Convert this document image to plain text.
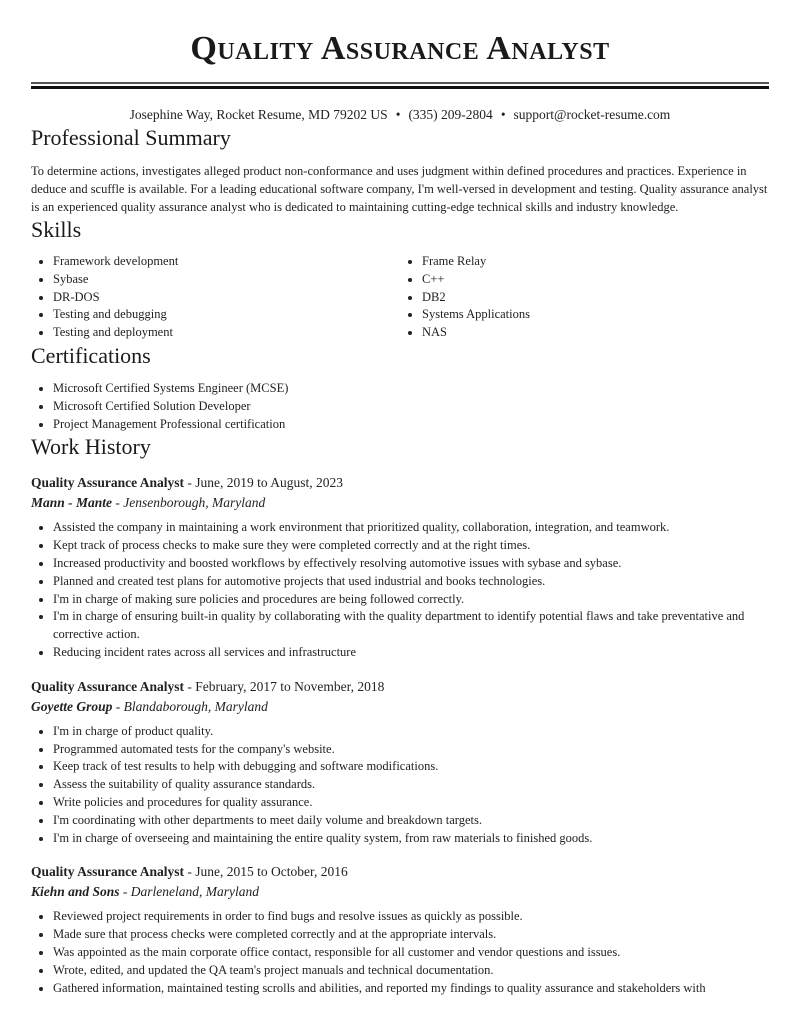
Quality Assurance Analyst
Josephine Way, Rocket Resume, MD 79202 US • (335) 209-2804 • support@rocket-resume.com
Professional Summary

To determine actions, investigates alleged product non-conformance and uses judgment within defined procedures and practices. Experience in deduce and scuffle is available. For a leading educational software company, I'm well-versed in development and testing. Quality assurance analyst is an experienced quality assurance analyst who is dedicated to maintaining cutting-edge technical skills and industry knowledge.

Skills
• Framework development
• Sybase
• DR-DOS
• Testing and debugging
• Testing and deployment
• Frame Relay
• C++
• DB2
• Systems Applications
• NAS
Certifications
• Microsoft Certified Systems Engineer (MCSE)
• Microsoft Certified Solution Developer
• Project Management Professional certification
Work History
Quality Assurance Analyst - June, 2019 to August, 2023
Mann - Mante - Jensenborough, Maryland
• Assisted the company in maintaining a work environment that prioritized quality, collaboration, integration, and teamwork.
• Kept track of process checks to make sure they were completed correctly and at the right times.
• Increased productivity and boosted workflows by effectively resolving automotive issues with sybase and sybase.
• Planned and created test plans for automotive projects that used industrial and books technologies.
• I'm in charge of making sure policies and procedures are being followed correctly.
• I'm in charge of ensuring built-in quality by collaborating with the quality department to identify potential flaws and take preventative and corrective action.
• Reducing incident rates across all services and infrastructure
Quality Assurance Analyst - February, 2017 to November, 2018
Goyette Group - Blandaborough, Maryland
• I'm in charge of product quality.
• Programmed automated tests for the company's website.
• Keep track of test results to help with debugging and software modifications.
• Assess the suitability of quality assurance standards.
• Write policies and procedures for quality assurance.
• I'm coordinating with other departments to meet daily volume and breakdown targets.
• I'm in charge of overseeing and maintaining the entire quality system, from raw materials to finished goods.
Quality Assurance Analyst - June, 2015 to October, 2016
Kiehn and Sons - Darleneland, Maryland
• Reviewed project requirements in order to find bugs and resolve issues as quickly as possible.
• Made sure that process checks were completed correctly and at the appropriate intervals.
• Was appointed as the main corporate office contact, responsible for all customer and vendor questions and issues.
• Wrote, edited, and updated the QA team's project manuals and technical documentation.
• Gathered information, maintained testing scrolls and abilities, and reported my findings to quality assurance and stakeholders with
